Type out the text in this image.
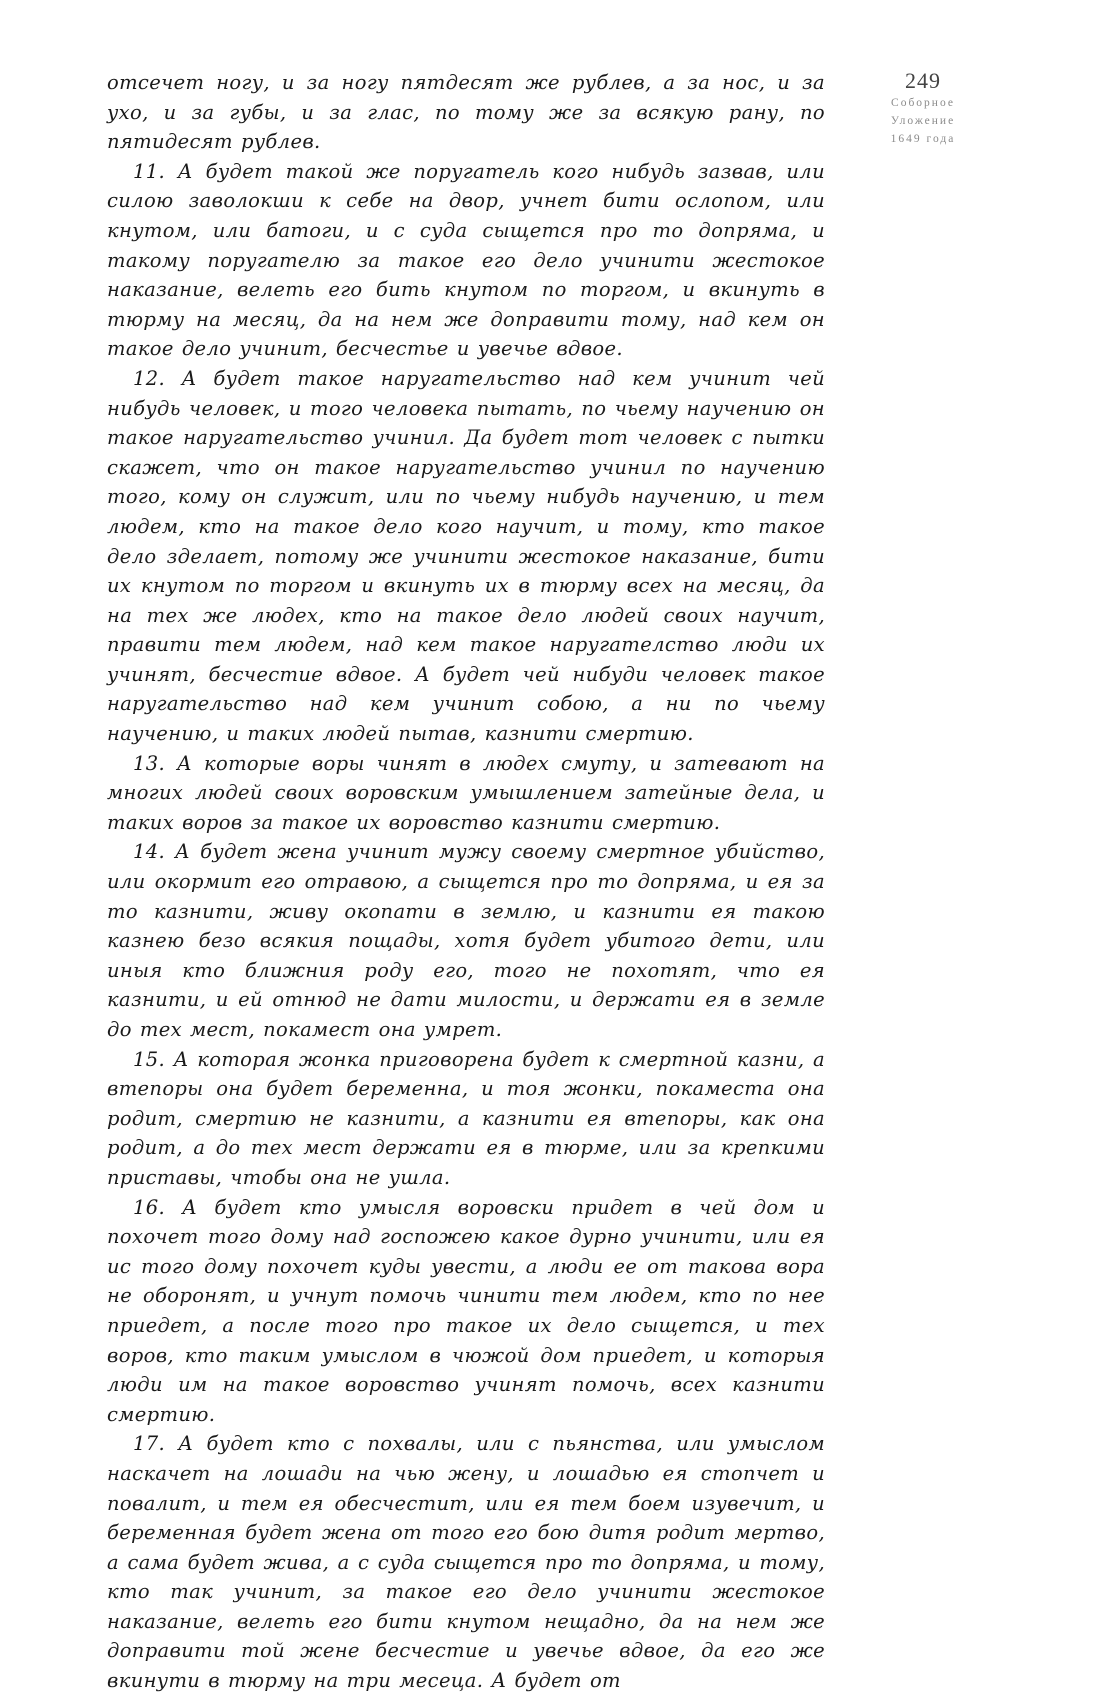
отсечет ногу, и за ногу пятдесят же рублев, а за нос, и за ухо, и за губы, и за глас, по тому же за всякую рану, по пятидесят рублев.

11. А будет такой же поругатель кого нибудь зазвав, или силою заволокши к себе на двор, учнет бити ослопом, или кнутом, или батоги, и с суда сыщется про то допряма, и такому поругателю за такое его дело учинити жестокое наказание, велеть его бить кнутом по торгом, и вкинуть в тюрму на месяц, да на нем же доправити тому, над кем он такое дело учинит, бесчестье и увечье вдвое.

12. А будет такое наругательство над кем учинит чей нибудь человек, и того человека пытать, по чьему научению он такое наругательство учинил. Да будет тот человек с пытки скажет, что он такое наругательство учинил по научению того, кому он служит, или по чьему нибудь научению, и тем людем, кто на такое дело кого научит, и тому, кто такое дело зделает, потому же учинити жестокое наказание, бити их кнутом по торгом и вкинуть их в тюрму всех на месяц, да на тех же людех, кто на такое дело людей своих научит, правити тем людем, над кем такое наругателство люди их учинят, бесчестие вдвое. А будет чей нибуди человек такое наругательство над кем учинит собою, а ни по чьему научению, и таких людей пытав, казнити смертию.

13. А которые воры чинят в людех смуту, и затевают на многих людей своих воровским умышлением затейные дела, и таких воров за такое их воровство казнити смертию.

14. А будет жена учинит мужу своему смертное убийство, или окормит его отравою, а сыщется про то допряма, и ея за то казнити, живу окопати в землю, и казнити ея такою казнею безо всякия пощады, хотя будет убитого дети, или иныя кто ближния роду его, того не похотят, что ея казнити, и ей отнюд не дати милости, и держати ея в земле до тех мест, покамест она умрет.

15. А которая жонка приговорена будет к смертной казни, а втепоры она будет беременна, и тоя жонки, покаместа она родит, смертию не казнити, а казнити ея втепоры, как она родит, а до тех мест держати ея в тюрме, или за крепкими приставы, чтобы она не ушла.

16. А будет кто умысля воровски придет в чей дом и похочет того дому над госпожею какое дурно учинити, или ея ис того дому похочет куды увести, а люди ее от такова вора не оборонят, и учнут помочь чинити тем людем, кто по нее приедет, а после того про такое их дело сыщется, и тех воров, кто таким умыслом в чюжой дом приедет, и которыя люди им на такое воровство учинят помочь, всех казнити смертию.

17. А будет кто с похвалы, или с пьянства, или умыслом наскачет на лошади на чью жену, и лошадью ея стопчет и повалит, и тем ея обесчестит, или ея тем боем изувечит, и беременная будет жена от того его бою дитя родит мертво, а сама будет жива, а с суда сыщется про то допряма, и тому, кто так учинит, за такое его дело учинити жестокое наказание, велеть его бити кнутом нещадно, да на нем же доправити той жене бесчестие и увечье вдвое, да его же вкинути в тюрму на три месеца. А будет от

249
Соборное
Уложение
1649 года
